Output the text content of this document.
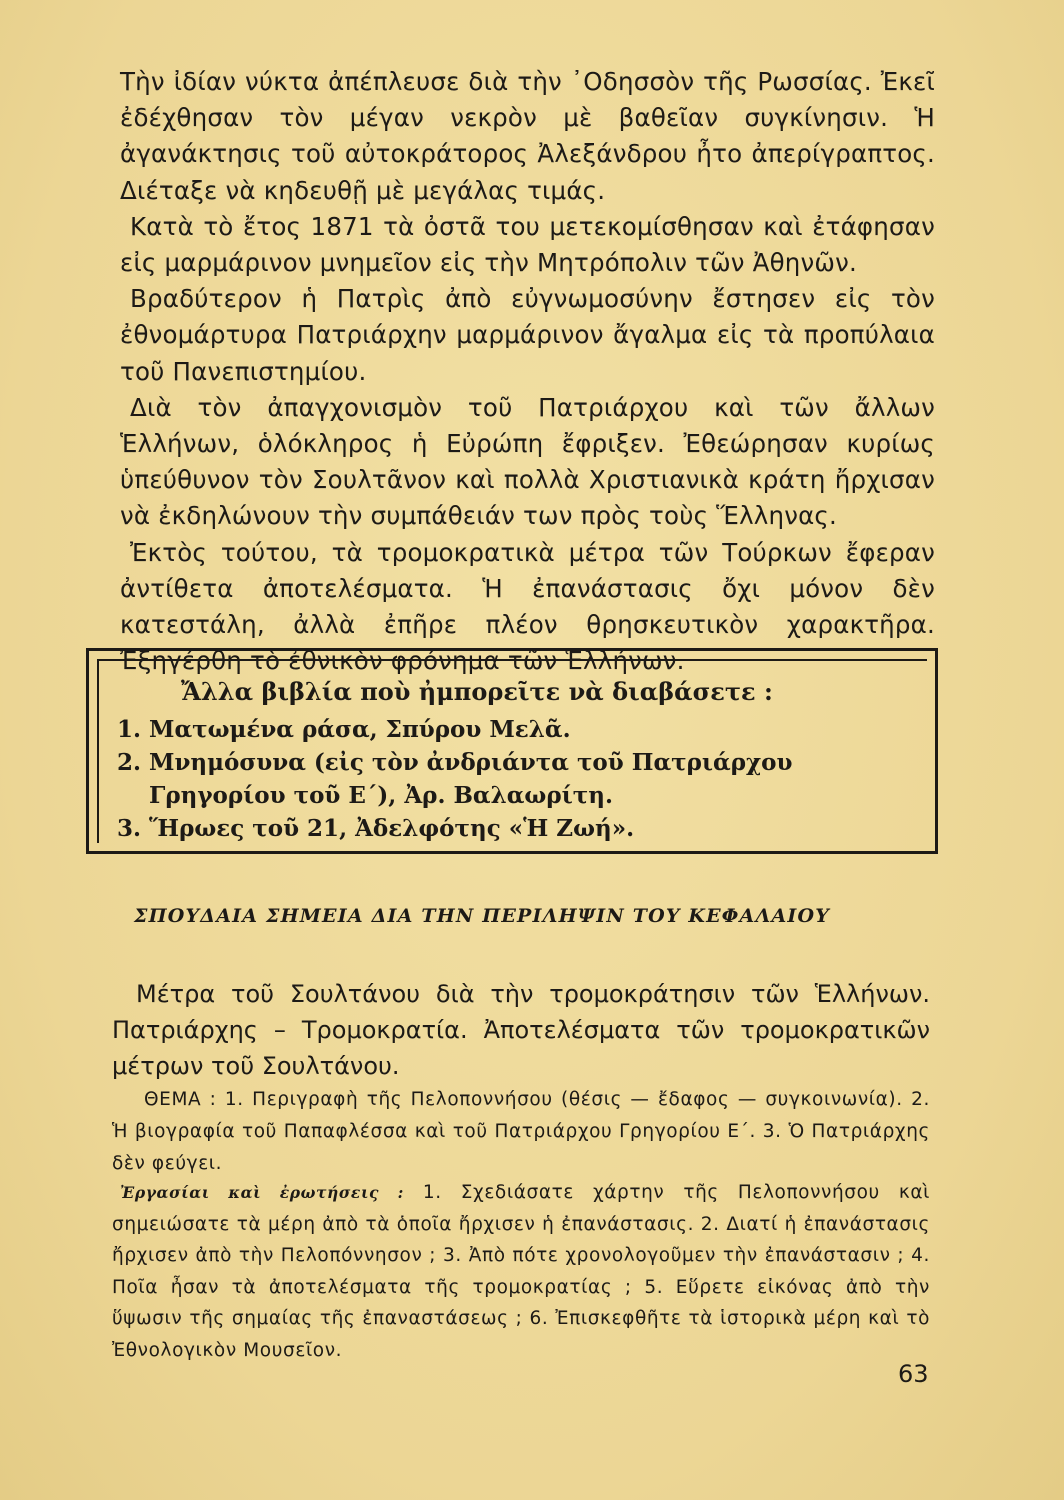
Τὴν ἰδίαν νύκτα ἀπέπλευσε διὰ τὴν ᾿Οδησσὸν τῆς Ρωσσίας. Ἐκεῖ ἐδέχθησαν τὸν μέγαν νεκρὸν μὲ βαθεῖαν συγκίνησιν. Ἡ ἀγανάκτησις τοῦ αὐτοκράτορος Ἀλεξάνδρου ἦτο ἀπερίγραπτος. Διέταξε νὰ κηδευθῇ μὲ μεγάλας τιμάς.

Κατὰ τὸ ἔτος 1871 τὰ ὀστᾶ του μετεκομίσθησαν καὶ ἐτάφησαν εἰς μαρμάρινον μνημεῖον εἰς τὴν Μητρόπολιν τῶν Ἀθηνῶν.

Βραδύτερον ἡ Πατρὶς ἀπὸ εὐγνωμοσύνην ἔστησεν εἰς τὸν ἐθνομάρτυρα Πατριάρχην μαρμάρινον ἄγαλμα εἰς τὰ προπύλαια τοῦ Πανεπιστημίου.

Διὰ τὸν ἀπαγχονισμὸν τοῦ Πατριάρχου καὶ τῶν ἄλλων Ἑλλήνων, ὁλόκληρος ἡ Εὐρώπη ἔφριξεν. Ἐθεώρησαν κυρίως ὑπεύθυνον τὸν Σουλτᾶνον καὶ πολλὰ Χριστιανικὰ κράτη ἤρχισαν νὰ ἐκδηλώνουν τὴν συμπάθειάν των πρὸς τοὺς Ἕλληνας.

Ἐκτὸς τούτου, τὰ τρομοκρατικὰ μέτρα τῶν Τούρκων ἔφεραν ἀντίθετα ἀποτελέσματα. Ἡ ἐπανάστασις ὄχι μόνον δὲν κατεστάλη, ἀλλὰ ἐπῆρε πλέον θρησκευτικὸν χαρακτῆρα. Ἐξηγέρθη τὸ ἐθνικὸν φρόνημα τῶν Ἑλλήνων.

Ἄλλα βιβλία ποὺ ἠμπορεῖτε νὰ διαβάσετε :
1. Ματωμένα ράσα, Σπύρου Μελᾶ.
2. Μνημόσυνα (εἰς τὸν ἀνδριάντα τοῦ Πατριάρχου Γρηγορίου τοῦ Ε΄), Ἀρ. Βαλαωρίτη.
3. Ἥρωες τοῦ 21, Ἀδελφότης «Ἡ Ζωή».
ΣΠΟΥΔΑΙΑ ΣΗΜΕΙΑ ΔΙΑ ΤΗΝ ΠΕΡΙΛΗΨΙΝ ΤΟΥ ΚΕΦΑΛΑΙΟΥ

Μέτρα τοῦ Σουλτάνου διὰ τὴν τρομοκράτησιν τῶν Ἑλλήνων. Πατριάρχης – Τρομοκρατία. Ἀποτελέσματα τῶν τρομοκρατικῶν μέτρων τοῦ Σουλτάνου.

ΘΕΜΑ : 1. Περιγραφὴ τῆς Πελοποννήσου (θέσις — ἔδαφος — συγκοινωνία). 2. Ἡ βιογραφία τοῦ Παπαφλέσσα καὶ τοῦ Πατριάρχου Γρηγορίου Ε΄. 3. Ὁ Πατριάρχης δὲν φεύγει.

Ἐργασίαι καὶ ἐρωτήσεις : 1. Σχεδιάσατε χάρτην τῆς Πελοποννήσου καὶ σημειώσατε τὰ μέρη ἀπὸ τὰ ὁποῖα ἤρχισεν ἡ ἐπανάστασις. 2. Διατί ἡ ἐπανάστασις ἤρχισεν ἀπὸ τὴν Πελοπόννησον ; 3. Ἀπὸ πότε χρονολογοῦμεν τὴν ἐπανάστασιν ; 4. Ποῖα ἦσαν τὰ ἀποτελέσματα τῆς τρομοκρατίας ; 5. Εὕρετε εἰκόνας ἀπὸ τὴν ὕψωσιν τῆς σημαίας τῆς ἐπαναστάσεως ; 6. Ἐπισκεφθῆτε τὰ ἱστορικὰ μέρη καὶ τὸ Ἐθνολογικὸν Μουσεῖον.

63
